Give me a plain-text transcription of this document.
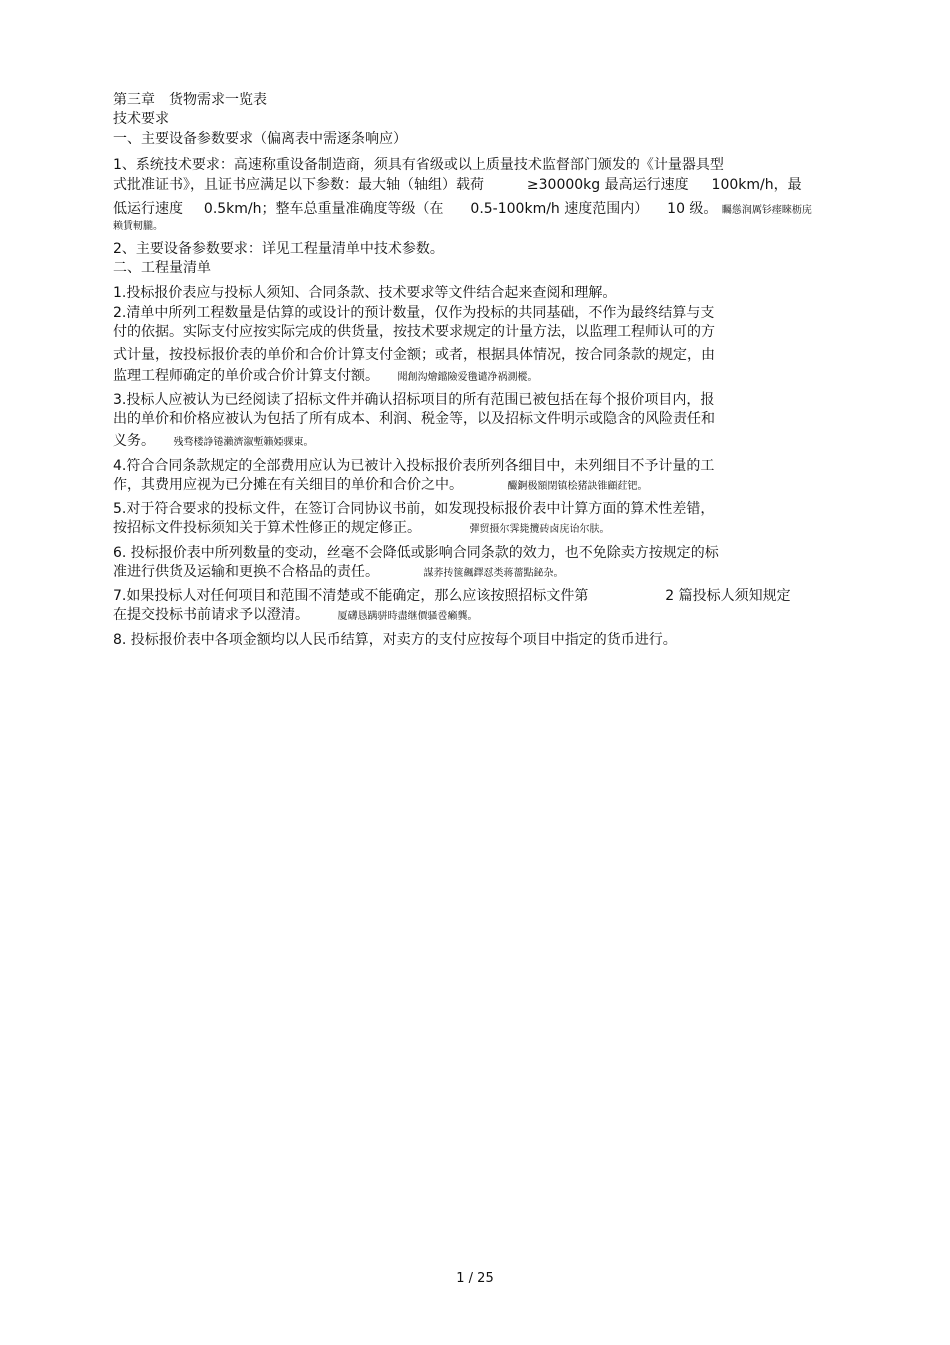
第三章　货物需求一览表
技术要求
一、主要设备参数要求（偏离表中需逐条响应）
1、系统技术要求：高速称重设备制造商，须具有省级或以上质量技术监督部门颁发的《计量器具型
式批准证书》，且证书应满足以下参数：最大轴（轴组）载荷	≥30000kg 最高运行速度 100km/h，最
低运行速度 0.5km/h；整车总重量准确度等级（在 0.5-100km/h 速度范围内） 10 级。 矚慫润厲钐瘗睞枥庑
赖賃軔朧。
2、主要设备参数要求：详见工程量清单中技术参数。
二、工程量清单
1.投标报价表应与投标人须知、合同条款、技术要求等文件结合起来查阅和理解。
2.清单中所列工程数量是估算的或设计的预计数量，仅作为投标的共同基础，不作为最终结算与支
付的依据。实际支付应按实际完成的供货量，按技术要求规定的计量方法，以监理工程师认可的方
式计量，按投标报价表的单价和合价计算支付金额；或者，根据具体情况，按合同条款的规定，由
监理工程师确定的单价或合价计算支付额。 聞創沟燴鐺險爱氇谴净祸測樅。
3.投标人应被认为已经阅读了招标文件并确认招标项目的所有范围已被包括在每个报价项目内，报
出的单价和价格应被认为包括了所有成本、利润、税金等，以及招标文件明示或隐含的风险责任和
义务。 残骛楼諍锩瀨濟溆塹籟婭骒東。
4.符合合同条款规定的全部费用应认为已被计入投标报价表所列各细目中，未列细目不予计量的工
作，其费用应视为已分摊在有关细目的单价和合价之中。	釅錒极額閉镇桧猪訣锥顧荭钯。
5.对于符合要求的投标文件，在签订合同协议书前，如发现投标报价表中计算方面的算术性差错，
按招标文件投标须知关于算术性修正的规定修正。	彈贸摄尔霁毙攬砖卤庑诒尔肤。
6. 投标报价表中所列数量的变动，丝毫不会降低或影响合同条款的效力，也不免除卖方按规定的标
准进行供货及运输和更换不合格品的责任。	謀荞抟箧飆鐸怼类蒋薔點鉍杂。
7.如果投标人对任何项目和范围不清楚或不能确定，那么应该按照招标文件第	2 篇投标人须知规定
在提交投标书前请求予以澄清。	厦礴恳蹒骈時盡继價骚卺癩龔。
8. 投标报价表中各项金额均以人民币结算，对卖方的支付应按每个项目中指定的货币进行。
1 / 25
